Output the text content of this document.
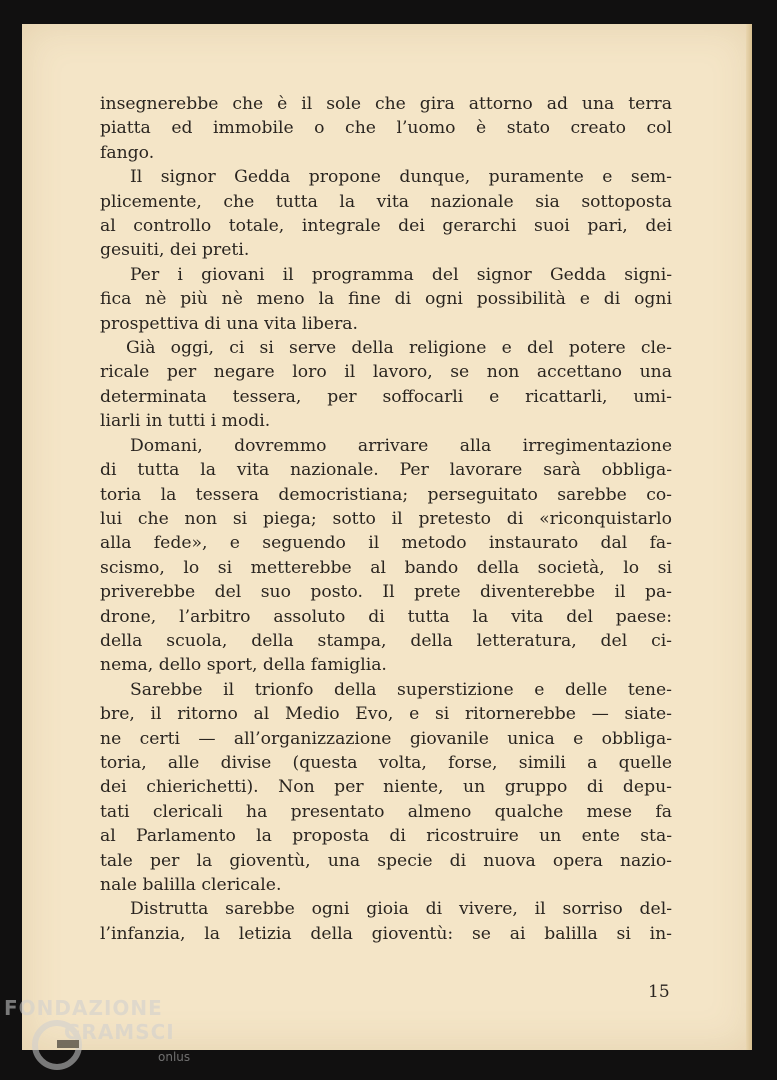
insegnerebbe che è il sole che gira attorno ad una terra
piatta ed immobile o che l’uomo è stato creato col
fango.
Il signor Gedda propone dunque, puramente e sem-
plicemente, che tutta la vita nazionale sia sottoposta
al controllo totale, integrale dei gerarchi suoi pari, dei
gesuiti, dei preti.
Per i giovani il programma del signor Gedda signi-
fica nè più nè meno la fine di ogni possibilità e di ogni
prospettiva di una vita libera.
Già oggi, ci si serve della religione e del potere cle-
ricale per negare loro il lavoro, se non accettano una
determinata tessera, per soffocarli e ricattarli, umi-
liarli in tutti i modi.
Domani, dovremmo arrivare alla irregimentazione
di tutta la vita nazionale. Per lavorare sarà obbliga-
toria la tessera democristiana; perseguitato sarebbe co-
lui che non si piega; sotto il pretesto di «riconquistarlo
alla fede», e seguendo il metodo instaurato dal fa-
scismo, lo si metterebbe al bando della società, lo si
priverebbe del suo posto. Il prete diventerebbe il pa-
drone, l’arbitro assoluto di tutta la vita del paese:
della scuola, della stampa, della letteratura, del ci-
nema, dello sport, della famiglia.
Sarebbe il trionfo della superstizione e delle tene-
bre, il ritorno al Medio Evo, e si ritornerebbe — siate-
ne certi — all’organizzazione giovanile unica e obbliga-
toria, alle divise (questa volta, forse, simili a quelle
dei chierichetti). Non per niente, un gruppo di depu-
tati clericali ha presentato almeno qualche mese fa
al Parlamento la proposta di ricostruire un ente sta-
tale per la gioventù, una specie di nuova opera nazio-
nale balilla clericale.
Distrutta sarebbe ogni gioia di vivere, il sorriso del-
l’infanzia, la letizia della gioventù: se ai balilla si in-
15
FONDAZIONE
GRAMSCI
onlus
